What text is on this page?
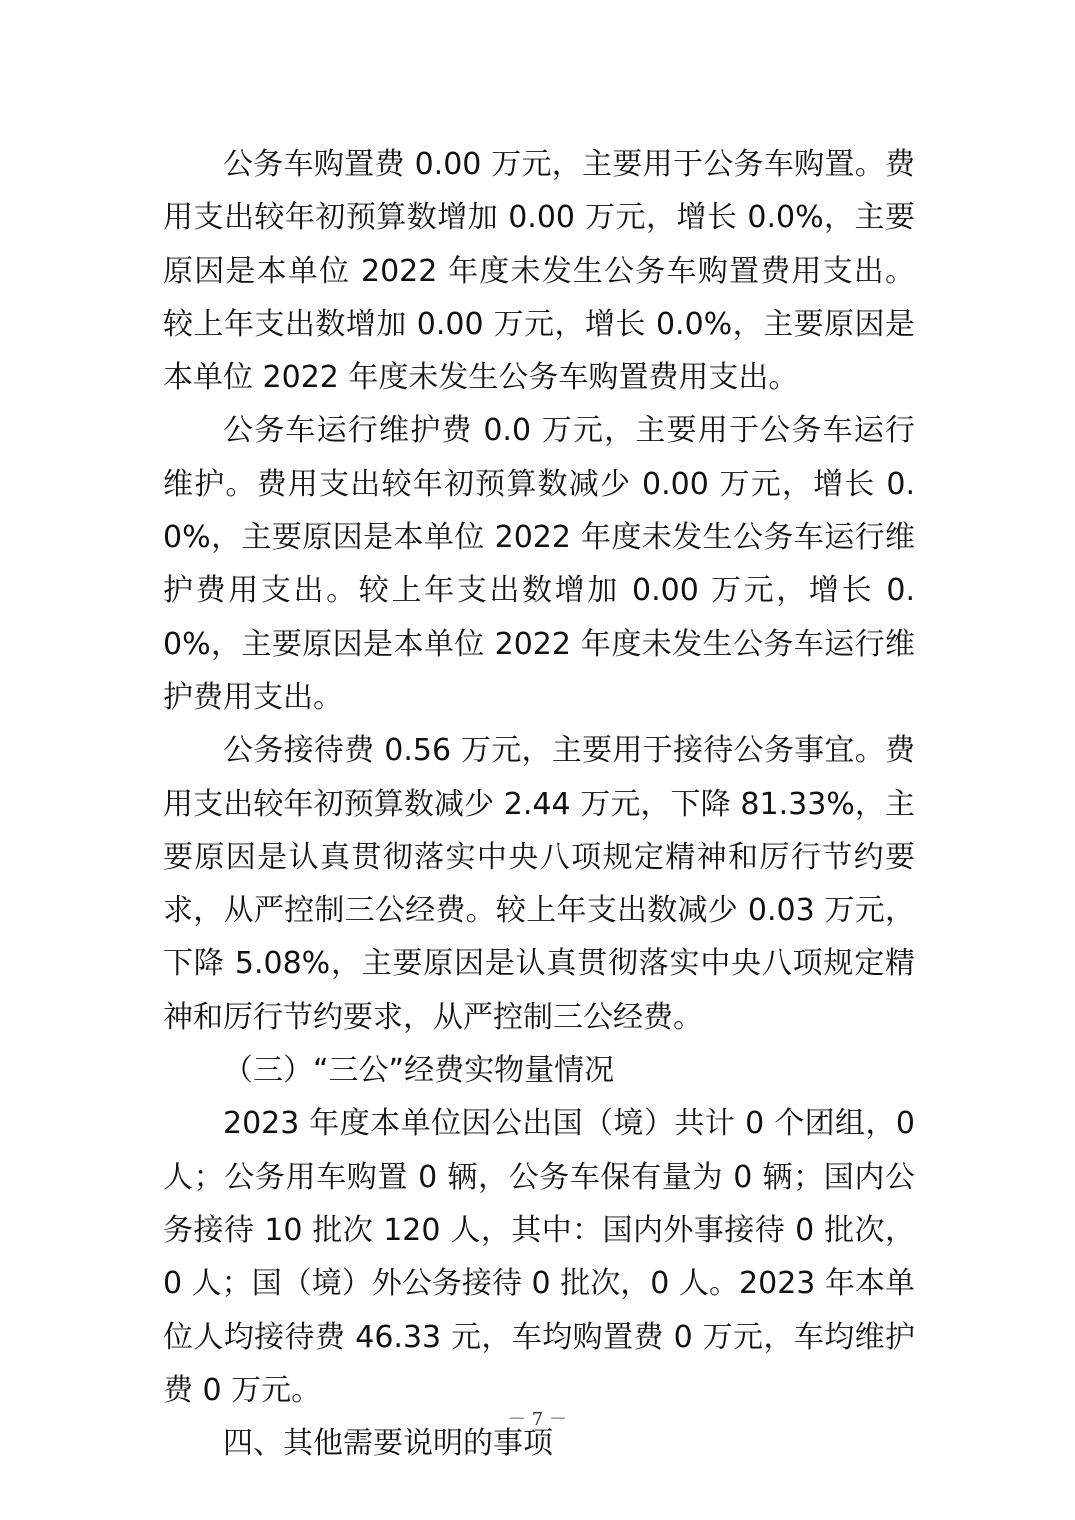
公务车购置费 0.00 万元，主要用于公务车购置。费用支出较年初预算数增加 0.00 万元，增长 0.0%，主要原因是本单位 2022 年度未发生公务车购置费用支出。较上年支出数增加 0.00 万元，增长 0.0%，主要原因是本单位 2022 年度未发生公务车购置费用支出。

公务车运行维护费 0.0 万元，主要用于公务车运行维护。费用支出较年初预算数减少 0.00 万元，增长 0.0%，主要原因是本单位 2022 年度未发生公务车运行维护费用支出。较上年支出数增加 0.00 万元，增长 0.0%，主要原因是本单位 2022 年度未发生公务车运行维护费用支出。

公务接待费 0.56 万元，主要用于接待公务事宜。费用支出较年初预算数减少 2.44 万元，下降 81.33%，主要原因是认真贯彻落实中央八项规定精神和厉行节约要求，从严控制三公经费。较上年支出数减少 0.03 万元，下降 5.08%，主要原因是认真贯彻落实中央八项规定精神和厉行节约要求，从严控制三公经费。

（三）“三公”经费实物量情况

2023 年度本单位因公出国（境）共计 0 个团组，0 人；公务用车购置 0 辆，公务车保有量为 0 辆；国内公务接待 10 批次 120 人，其中：国内外事接待 0 批次，0 人；国（境）外公务接待 0 批次，0 人。2023 年本单位人均接待费 46.33 元，车均购置费 0 万元，车均维护费 0 万元。

四、其他需要说明的事项

－ 7 －
